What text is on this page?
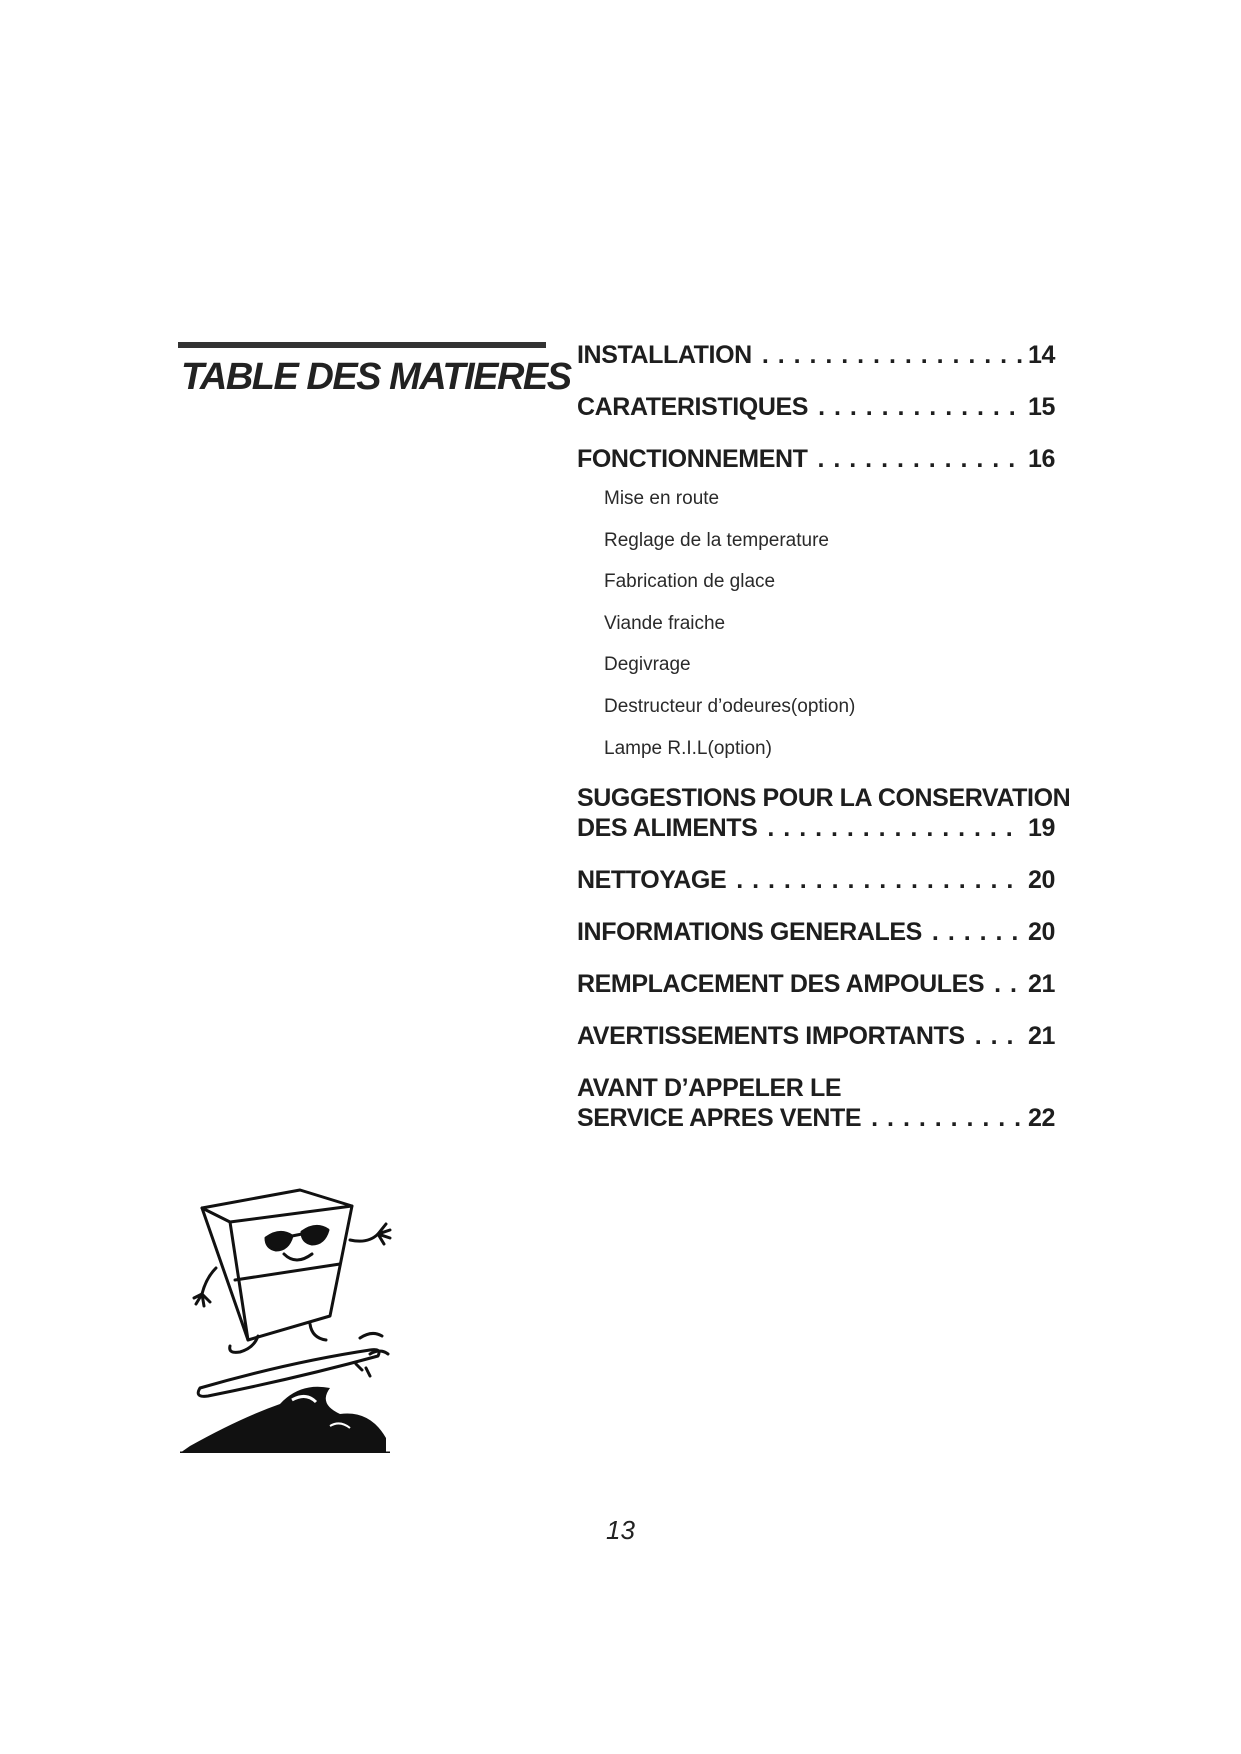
TABLE DES MATIERES
INSTALLATION . . .	14
CARATERISTIQUES . . .	15
FONCTIONNEMENT . . .	16
Mise en route
Reglage de la temperature
Fabrication de glace
Viande fraiche
Degivrage
Destructeur d’odeures(option)
Lampe R.I.L(option)
SUGGESTIONS POUR LA CONSERVATION
DES ALIMENTS . . .	19
NETTOYAGE . . .	20
INFORMATIONS GENERALES . . .	20
REMPLACEMENT DES AMPOULES . . . 21
AVERTISSEMENTS IMPORTANTS . . .	21
AVANT D’APPELER LE
SERVICE APRES VENTE . . .	22
13
